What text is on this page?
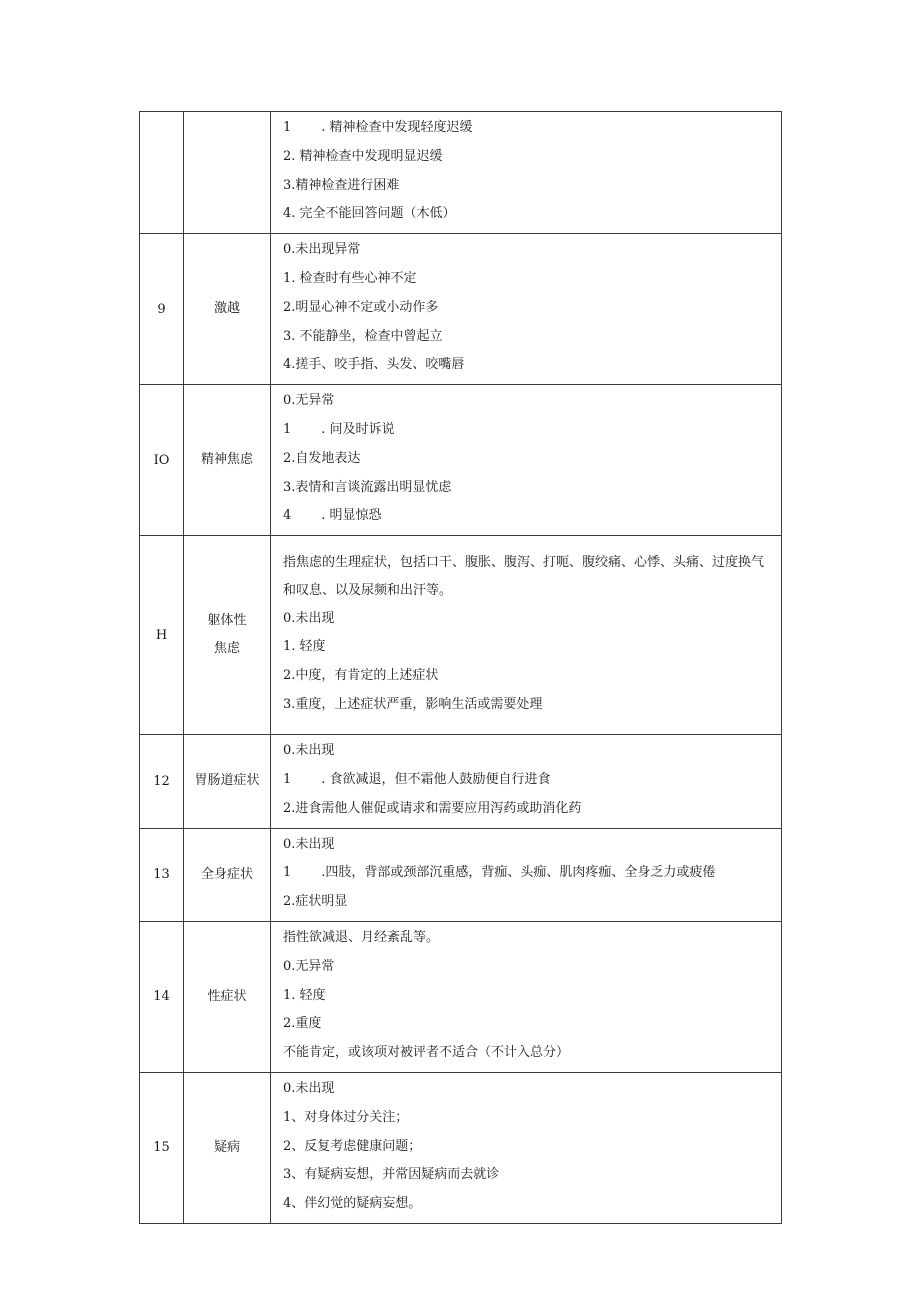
		1 . 精神检查中发现轻度迟缓
2. 精神检查中发现明显迟缓
3.精神检查进行困难
4. 完全不能回答问题（木低）

9	激越	0.未出现异常
1. 检查时有些心神不定
2.明显心神不定或小动作多
3. 不能静坐，检查中曾起立
4.搓手、咬手指、头发、咬嘴唇

IO	精神焦虑	0.无异常
1 . 问及时诉说
2.自发地表达
3.表情和言谈流露出明显忧虑
4 . 明显惊恐

H	躯体性焦虑	指焦虑的生理症状，包括口干、腹胀、腹泻、打呃、腹绞痛、心悸、头痛、过度换气和叹息、以及尿频和出汗等。
0.未出现
1. 轻度
2.中度，有肯定的上述症状
3.重度，上述症状严重，影响生活或需要处理

12	胃肠道症状	0.未出现
1 . 食欲减退，但不霜他人鼓励便自行进食
2.进食需他人催促或请求和需要应用泻药或助消化药

13	全身症状	0.未出现
1 .四肢，背部或颈部沉重感，背痂、头痂、肌肉疼痂、全身乏力或疲倦
2.症状明显

14	性症状	指性欲减退、月经紊乱等。
0.无异常
1. 轻度
2.重度
不能肯定，或该项对被评者不适合（不计入总分）

15	疑病	0.未出现
1、对身体过分关注；
2、反复考虑健康问题；
3、有疑病妄想，并常因疑病而去就诊
4、伴幻觉的疑病妄想。
